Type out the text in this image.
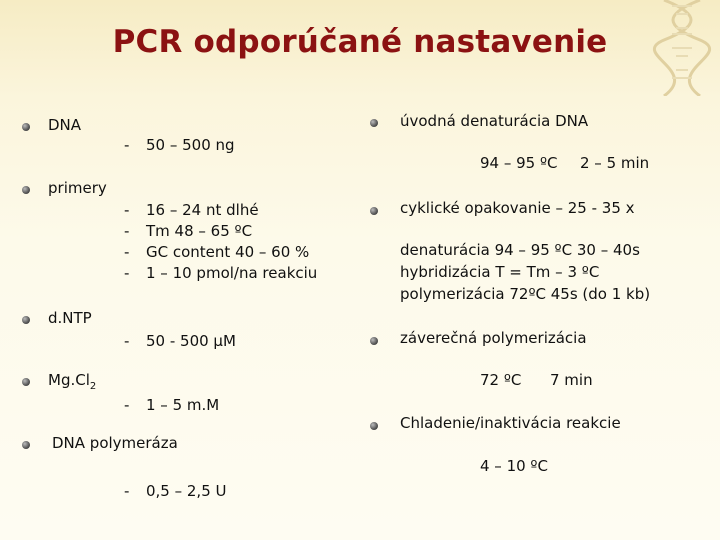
PCR odporúčané nastavenie
DNA
- 50 – 500 ng
primery
- 16 – 24 nt dlhé
- Tm 48 – 65 ºC
- GC content 40 – 60 %
- 1 – 10 pmol/na reakciu
d.NTP
- 50 - 500 µM
$Mg.Cl_2$
- 1 – 5 m.M
DNA polymeráza
- 0,5 – 2,5 U
úvodná denaturácia DNA
94 – 95 ºC 2 – 5 min
cyklické opakovanie – 25 - 35 x
denaturácia 94 – 95 ºC 30 – 40s
hybridizácia T = Tm – 3 ºC
polymerizácia 72ºC 45s (do 1 kb)
záverečná polymerizácia
72 ºC 7 min
Chladenie/inaktivácia reakcie
4 – 10 ºC
